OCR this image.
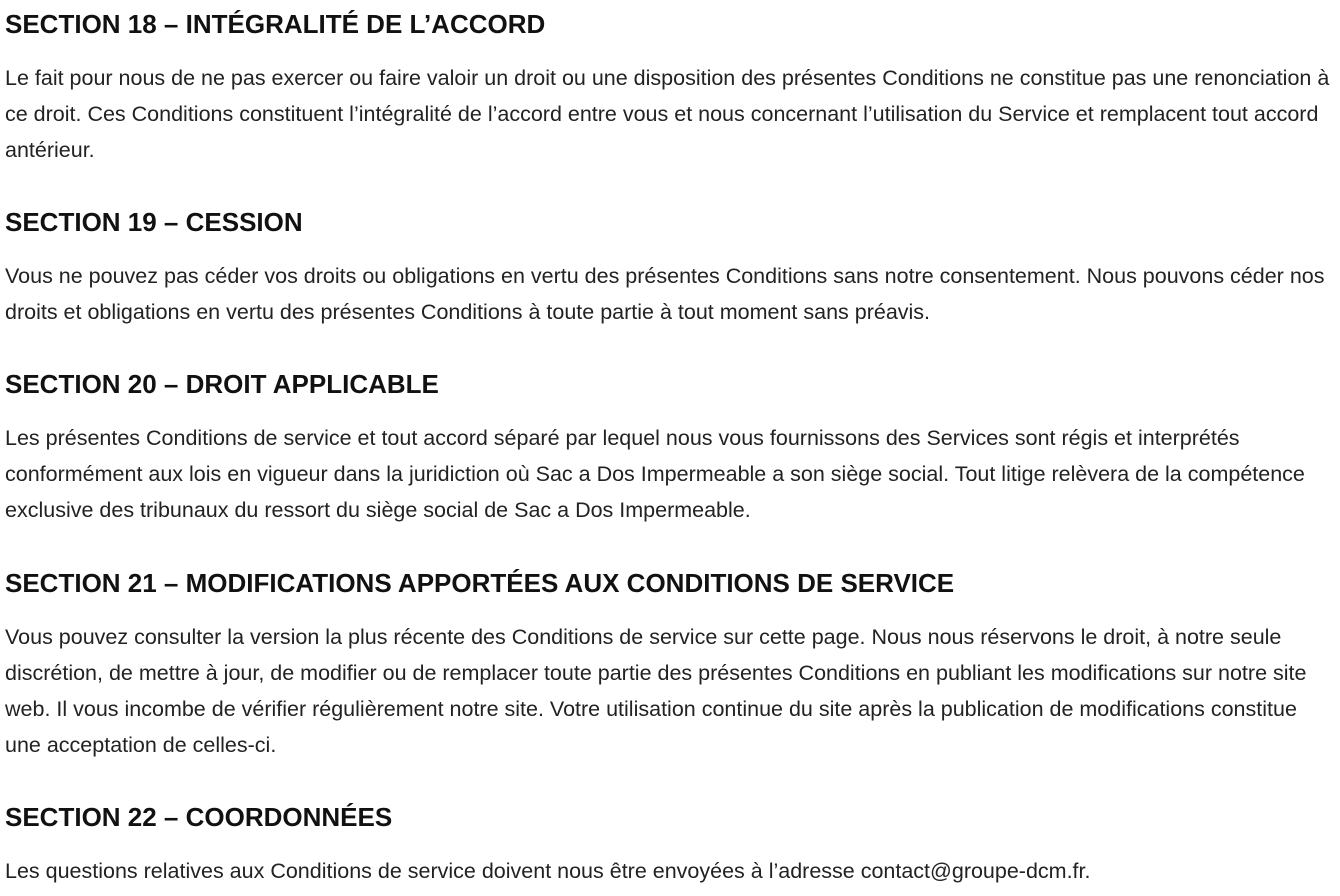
SECTION 18 – INTÉGRALITÉ DE L’ACCORD

Le fait pour nous de ne pas exercer ou faire valoir un droit ou une disposition des présentes Conditions ne constitue pas une renonciation à ce droit. Ces Conditions constituent l’intégralité de l’accord entre vous et nous concernant l’utilisation du Service et remplacent tout accord antérieur.

SECTION 19 – CESSION

Vous ne pouvez pas céder vos droits ou obligations en vertu des présentes Conditions sans notre consentement. Nous pouvons céder nos droits et obligations en vertu des présentes Conditions à toute partie à tout moment sans préavis.

SECTION 20 – DROIT APPLICABLE

Les présentes Conditions de service et tout accord séparé par lequel nous vous fournissons des Services sont régis et interprétés conformément aux lois en vigueur dans la juridiction où Sac a Dos Impermeable a son siège social. Tout litige relèvera de la compétence exclusive des tribunaux du ressort du siège social de Sac a Dos Impermeable.

SECTION 21 – MODIFICATIONS APPORTÉES AUX CONDITIONS DE SERVICE

Vous pouvez consulter la version la plus récente des Conditions de service sur cette page. Nous nous réservons le droit, à notre seule discrétion, de mettre à jour, de modifier ou de remplacer toute partie des présentes Conditions en publiant les modifications sur notre site web. Il vous incombe de vérifier régulièrement notre site. Votre utilisation continue du site après la publication de modifications constitue une acceptation de celles-ci.

SECTION 22 – COORDONNÉES

Les questions relatives aux Conditions de service doivent nous être envoyées à l’adresse contact@groupe-dcm.fr.
